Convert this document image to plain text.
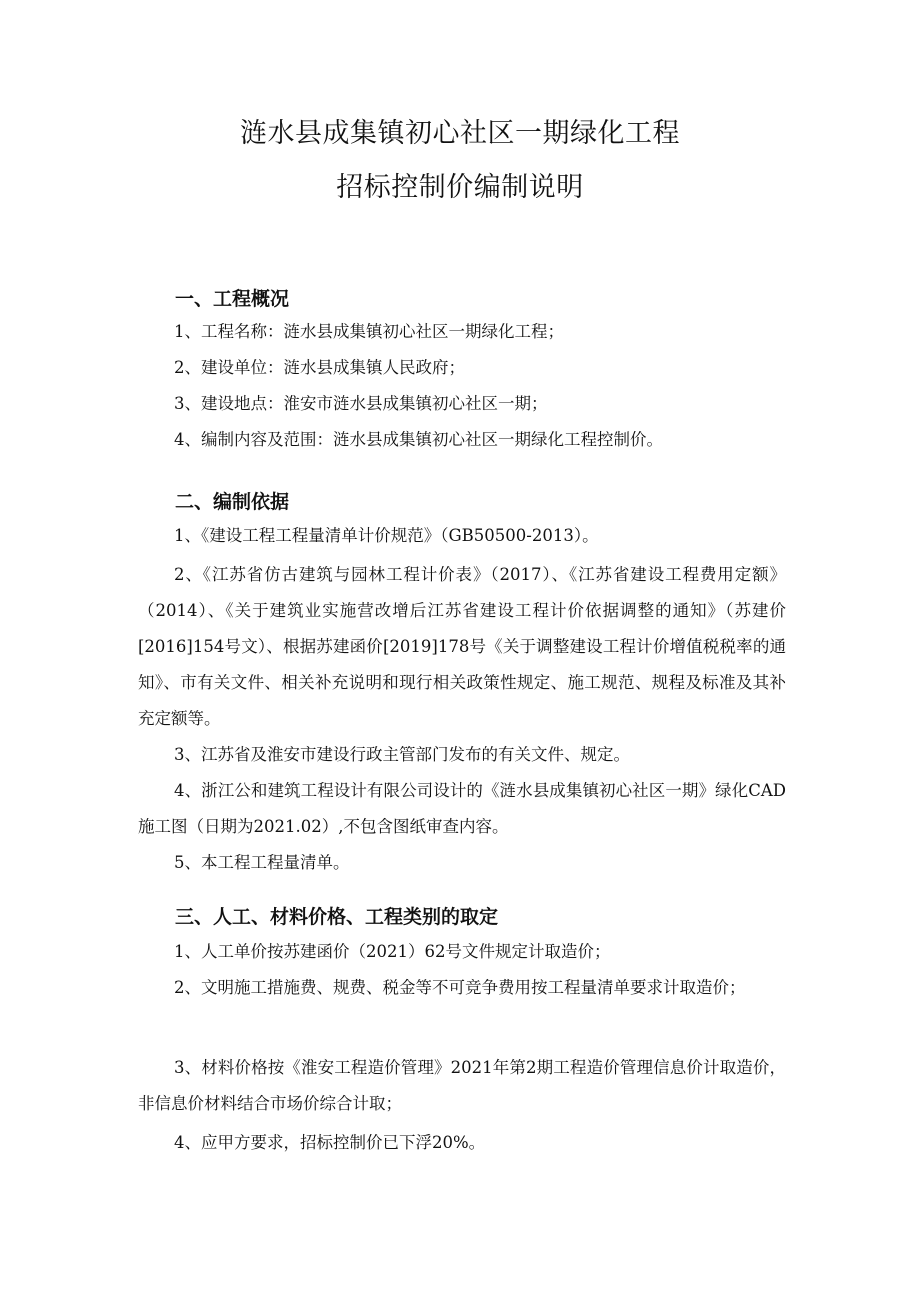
涟水县成集镇初心社区一期绿化工程
招标控制价编制说明
一、工程概况

1、工程名称：涟水县成集镇初心社区一期绿化工程；

2、建设单位：涟水县成集镇人民政府；

3、建设地点：淮安市涟水县成集镇初心社区一期；

4、编制内容及范围：涟水县成集镇初心社区一期绿化工程控制价。

二、编制依据

1、《建设工程工程量清单计价规范》（GB50500-2013）。

2、《江苏省仿古建筑与园林工程计价表》（2017）、《江苏省建设工程费用定额》（2014）、《关于建筑业实施营改增后江苏省建设工程计价依据调整的通知》（苏建价[2016]154号文）、根据苏建函价[2019]178号《关于调整建设工程计价增值税税率的通知》、市有关文件、相关补充说明和现行相关政策性规定、施工规范、规程及标准及其补充定额等。

3、江苏省及淮安市建设行政主管部门发布的有关文件、规定。

4、浙江公和建筑工程设计有限公司设计的《涟水县成集镇初心社区一期》绿化CAD施工图（日期为2021.02）,不包含图纸审查内容。

5、本工程工程量清单。

三、人工、材料价格、工程类别的取定

1、人工单价按苏建函价（2021）62号文件规定计取造价；

2、文明施工措施费、规费、税金等不可竞争费用按工程量清单要求计取造价；

3、材料价格按《淮安工程造价管理》2021年第2期工程造价管理信息价计取造价，非信息价材料结合市场价综合计取；

4、应甲方要求，招标控制价已下浮20%。
